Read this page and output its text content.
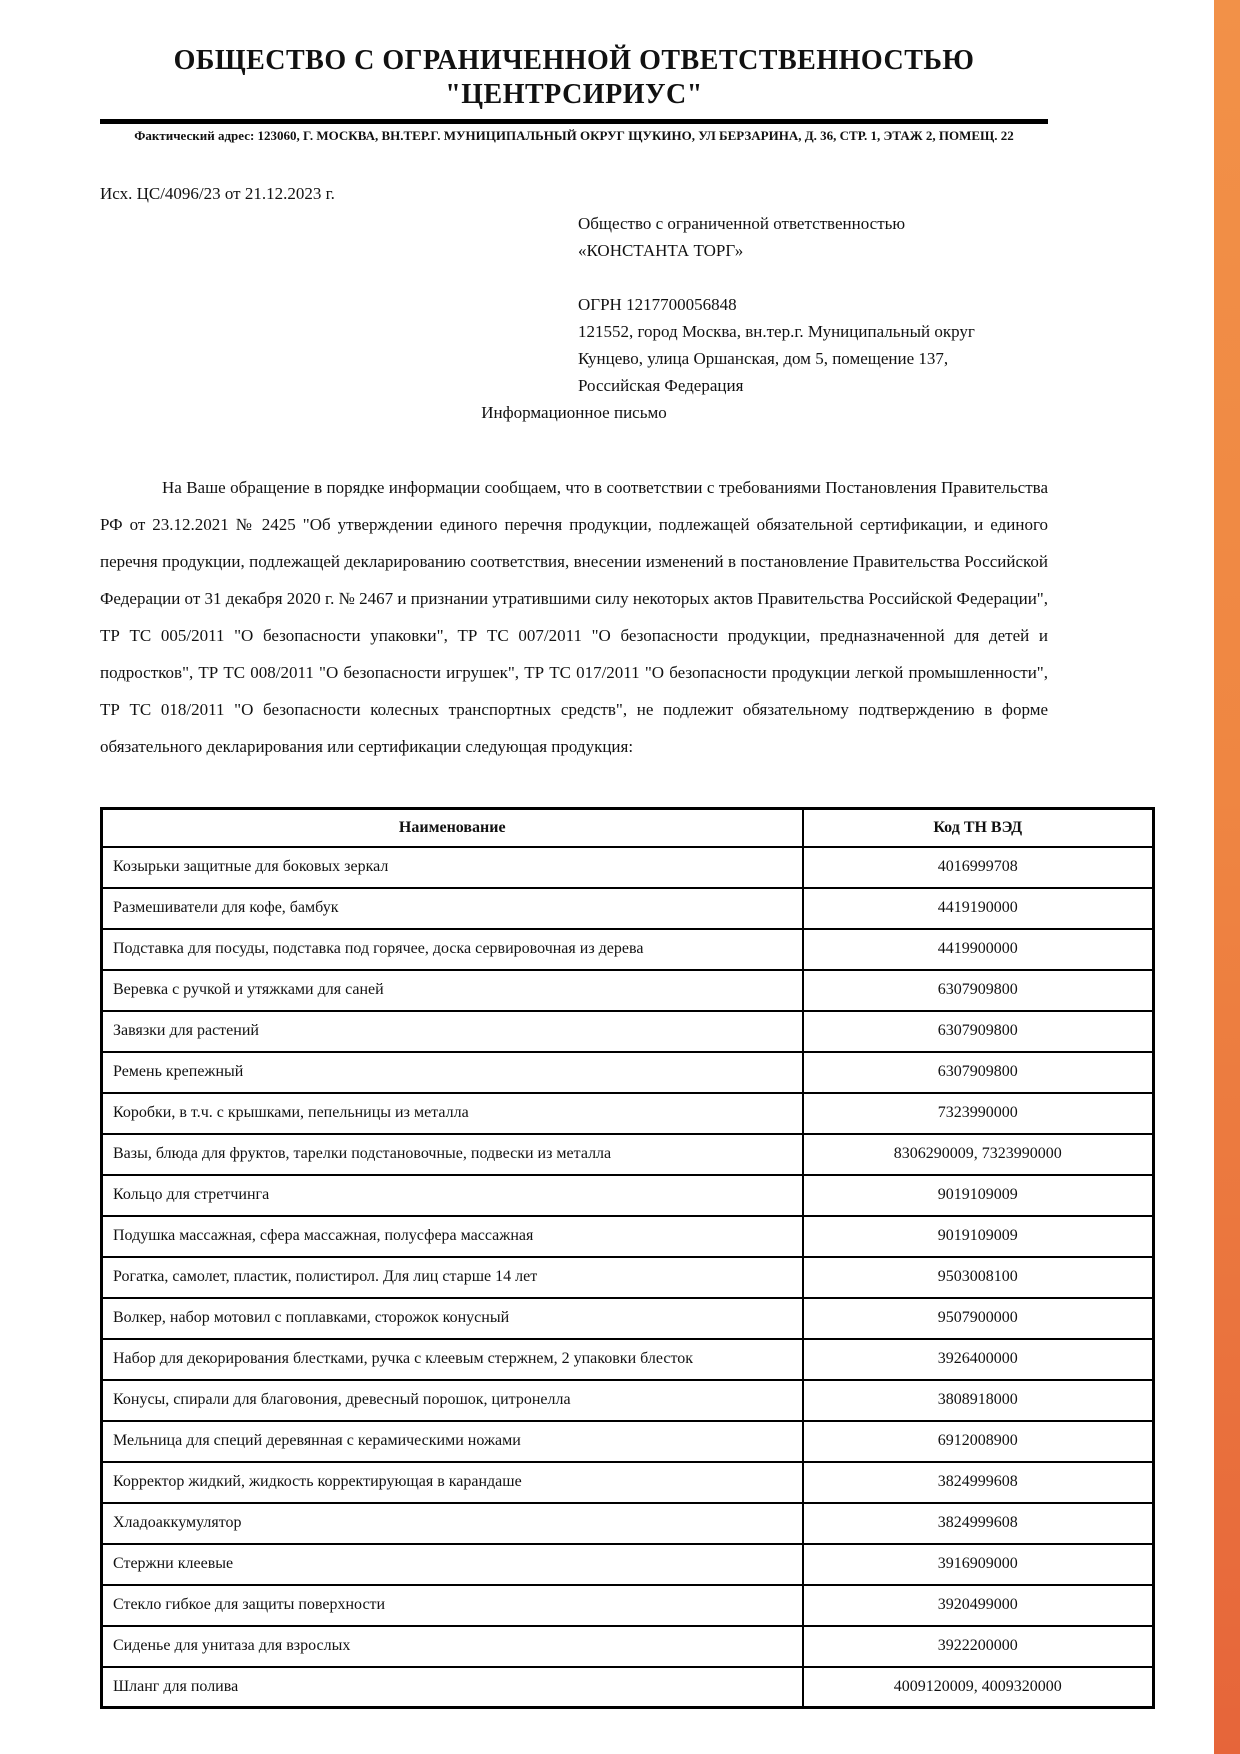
ОБЩЕСТВО С ОГРАНИЧЕННОЙ ОТВЕТСТВЕННОСТЬЮ
"ЦЕНТРСИРИУС"

Фактический адрес: 123060, Г. МОСКВА, ВН.ТЕР.Г. МУНИЦИПАЛЬНЫЙ ОКРУГ ЩУКИНО, УЛ БЕРЗАРИНА, Д. 36, СТР. 1, ЭТАЖ 2, ПОМЕЩ. 22

Исх. ЦС/4096/23 от 21.12.2023 г.

Общество с ограниченной ответственностью
«КОНСТАНТА ТОРГ»
ОГРН 1217700056848
121552, город Москва, вн.тер.г. Муниципальный округ
Кунцево, улица Оршанская, дом 5, помещение 137,
Российская Федерация
Информационное письмо

На Ваше обращение в порядке информации сообщаем, что в соответствии с требованиями Постановления Правительства РФ от 23.12.2021 № 2425 "Об утверждении единого перечня продукции, подлежащей обязательной сертификации, и единого перечня продукции, подлежащей декларированию соответствия, внесении изменений в постановление Правительства Российской Федерации от 31 декабря 2020 г. № 2467 и признании утратившими силу некоторых актов Правительства Российской Федерации", ТР ТС 005/2011 "О безопасности упаковки", ТР ТС 007/2011 "О безопасности продукции, предназначенной для детей и подростков", ТР ТС 008/2011 "О безопасности игрушек", ТР ТС 017/2011 "О безопасности продукции легкой промышленности", ТР ТС 018/2011 "О безопасности колесных транспортных средств", не подлежит обязательному подтверждению в форме обязательного декларирования или сертификации следующая продукция:

Наименование	Код ТН ВЭД
Козырьки защитные для боковых зеркал	4016999708
Размешиватели для кофе, бамбук	4419190000
Подставка для посуды, подставка под горячее, доска сервировочная из дерева	4419900000
Веревка с ручкой и утяжками для саней	6307909800
Завязки для растений	6307909800
Ремень крепежный	6307909800
Коробки, в т.ч. с крышками, пепельницы из металла	7323990000
Вазы, блюда для фруктов, тарелки подстановочные, подвески из металла	8306290009, 7323990000
Кольцо для стретчинга	9019109009
Подушка массажная, сфера массажная, полусфера массажная	9019109009
Рогатка, самолет, пластик, полистирол. Для лиц старше 14 лет	9503008100
Волкер, набор мотовил с поплавками, сторожок конусный	9507900000
Набор для декорирования блестками, ручка с клеевым стержнем, 2 упаковки блесток	3926400000
Конусы, спирали для благовония, древесный порошок, цитронелла	3808918000
Мельница для специй деревянная с керамическими ножами	6912008900
Корректор жидкий, жидкость корректирующая в карандаше	3824999608
Хладоаккумулятор	3824999608
Стержни клеевые	3916909000
Стекло гибкое для защиты поверхности	3920499000
Сиденье для унитаза для взрослых	3922200000
Шланг для полива	4009120009, 4009320000
